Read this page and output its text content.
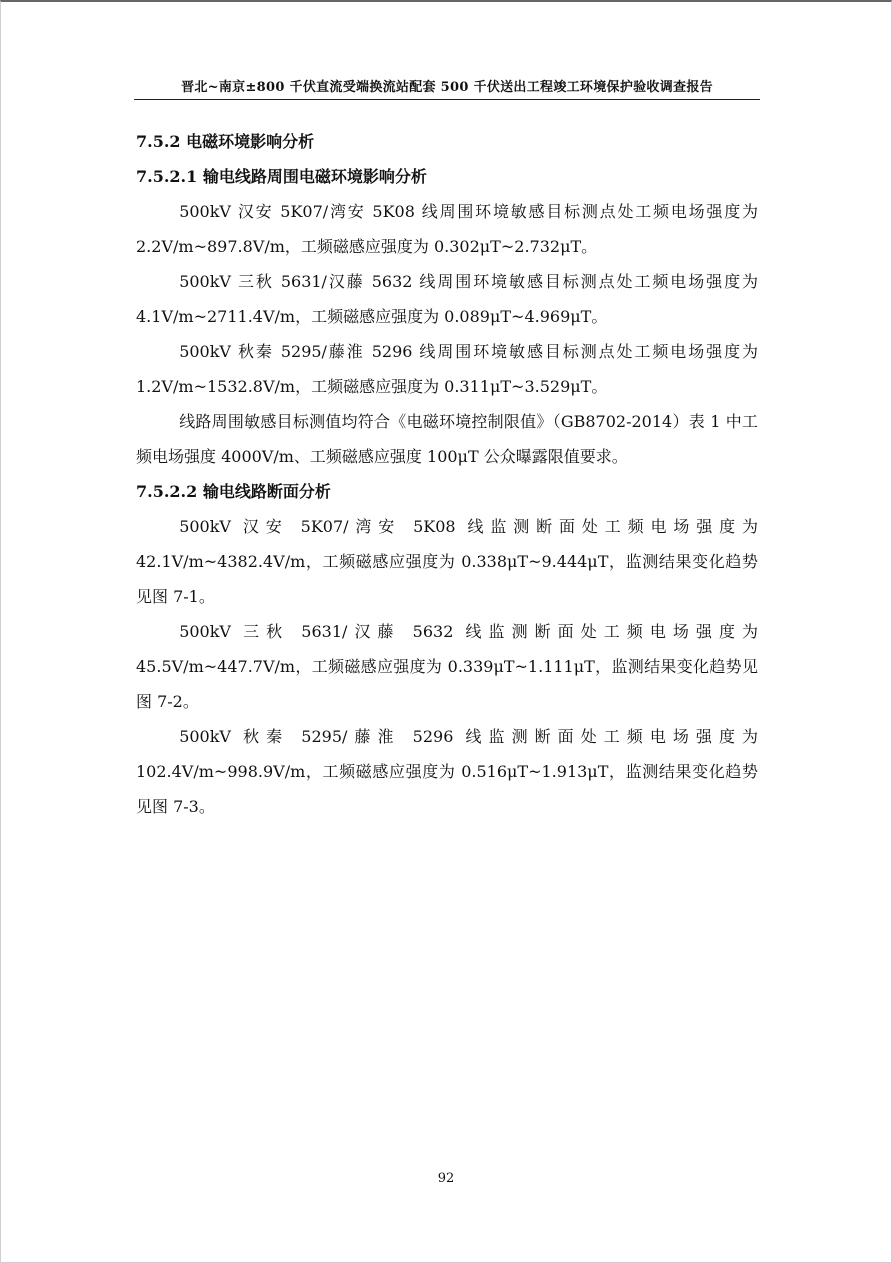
晋北~南京±800 千伏直流受端换流站配套 500 千伏送出工程竣工环境保护验收调查报告
7.5.2 电磁环境影响分析
7.5.2.1 输电线路周围电磁环境影响分析

500kV 汉安 5K07/湾安 5K08 线周围环境敏感目标测点处工频电场强度为 2.2V/m~897.8V/m，工频磁感应强度为 0.302μT~2.732μT。

500kV 三秋 5631/汉藤 5632 线周围环境敏感目标测点处工频电场强度为 4.1V/m~2711.4V/m，工频磁感应强度为 0.089μT~4.969μT。

500kV 秋秦 5295/藤淮 5296 线周围环境敏感目标测点处工频电场强度为 1.2V/m~1532.8V/m，工频磁感应强度为 0.311μT~3.529μT。

线路周围敏感目标测值均符合《电磁环境控制限值》（GB8702-2014）表 1 中工频电场强度 4000V/m、工频磁感应强度 100μT 公众曝露限值要求。

7.5.2.2 输电线路断面分析

500kV 汉安 5K07/湾安 5K08 线监测断面处工频电场强度为 42.1V/m~4382.4V/m，工频磁感应强度为 0.338μT~9.444μT，监测结果变化趋势见图 7-1。

500kV 三秋 5631/汉藤 5632 线监测断面处工频电场强度为 45.5V/m~447.7V/m，工频磁感应强度为 0.339μT~1.111μT，监测结果变化趋势见图 7-2。

500kV 秋秦 5295/藤淮 5296 线监测断面处工频电场强度为 102.4V/m~998.9V/m，工频磁感应强度为 0.516μT~1.913μT，监测结果变化趋势见图 7-3。

92
